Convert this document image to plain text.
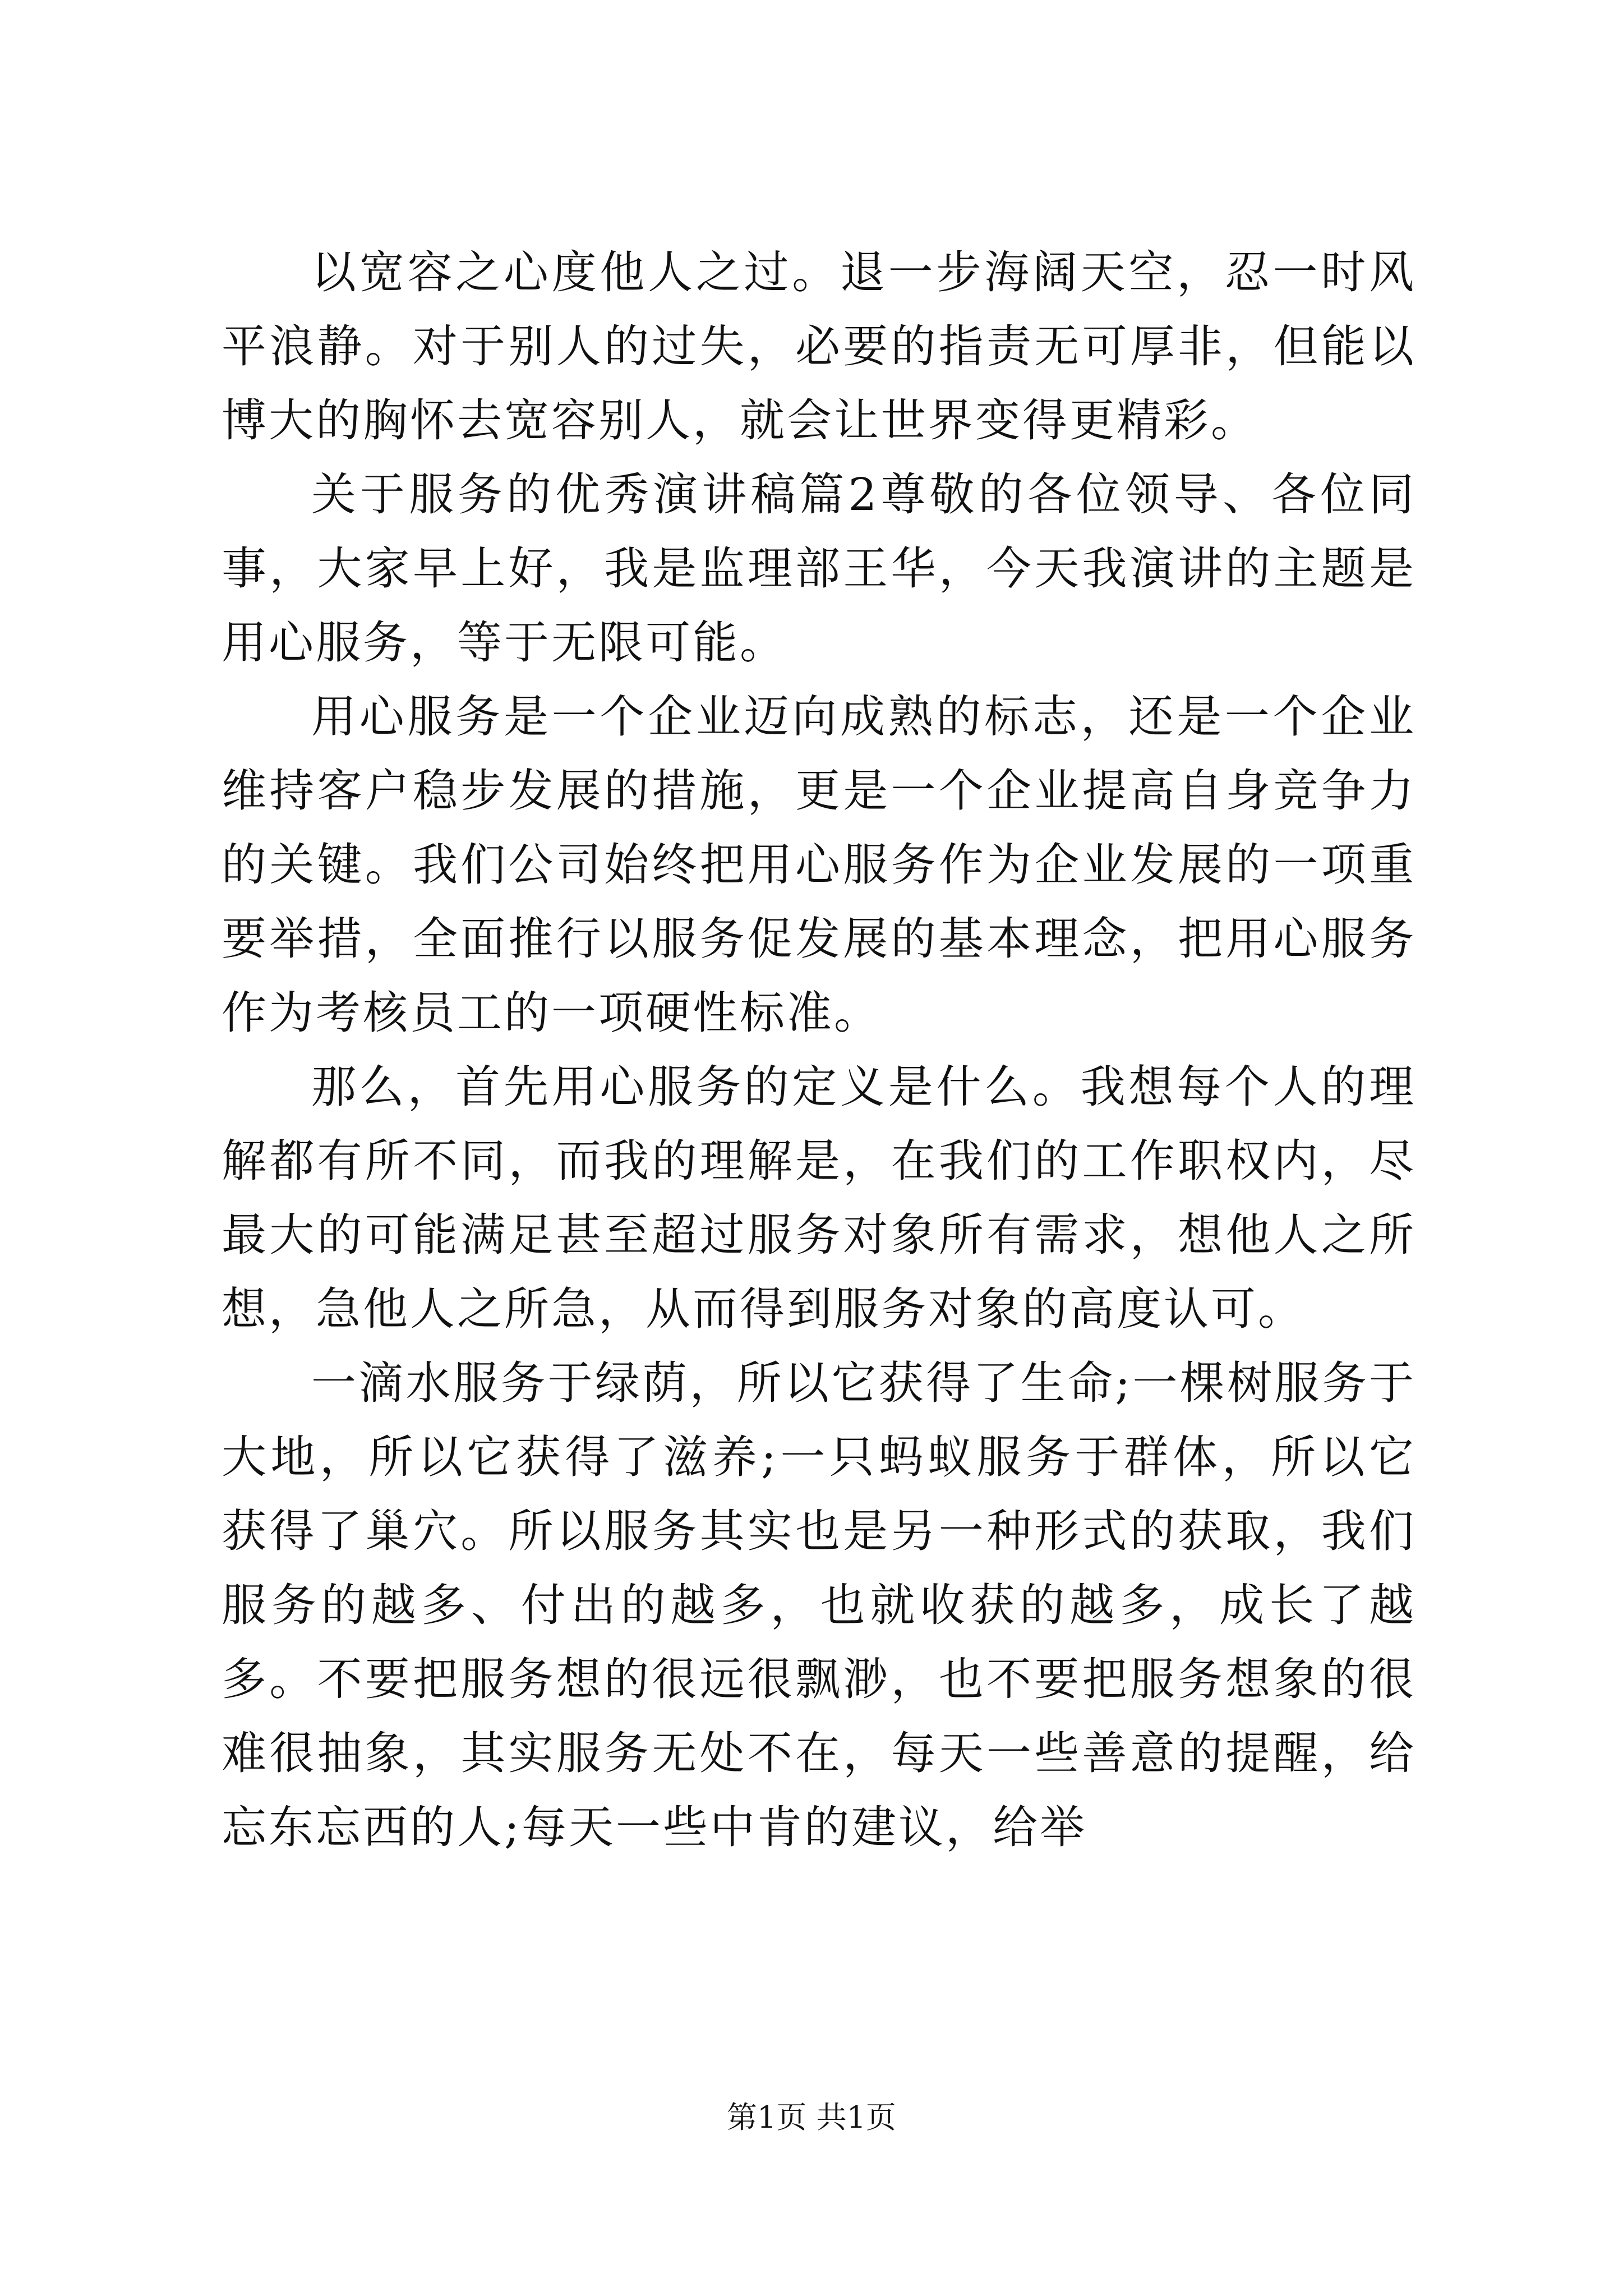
以宽容之心度他人之过。退一步海阔天空，忍一时风平浪静。对于别人的过失，必要的指责无可厚非，但能以博大的胸怀去宽容别人，就会让世界变得更精彩。

关于服务的优秀演讲稿篇2尊敬的各位领导、各位同事，大家早上好，我是监理部王华，今天我演讲的主题是用心服务，等于无限可能。

用心服务是一个企业迈向成熟的标志，还是一个企业维持客户稳步发展的措施，更是一个企业提高自身竞争力的关键。我们公司始终把用心服务作为企业发展的一项重要举措，全面推行以服务促发展的基本理念，把用心服务作为考核员工的一项硬性标准。

那么，首先用心服务的定义是什么。我想每个人的理解都有所不同，而我的理解是，在我们的工作职权内，尽最大的可能满足甚至超过服务对象所有需求，想他人之所想，急他人之所急，从而得到服务对象的高度认可。

一滴水服务于绿荫，所以它获得了生命;一棵树服务于大地，所以它获得了滋养;一只蚂蚁服务于群体，所以它获得了巢穴。所以服务其实也是另一种形式的获取，我们服务的越多、付出的越多，也就收获的越多，成长了越多。不要把服务想的很远很飘渺，也不要把服务想象的很难很抽象，其实服务无处不在，每天一些善意的提醒，给忘东忘西的人;每天一些中肯的建议，给举

第1页 共1页
